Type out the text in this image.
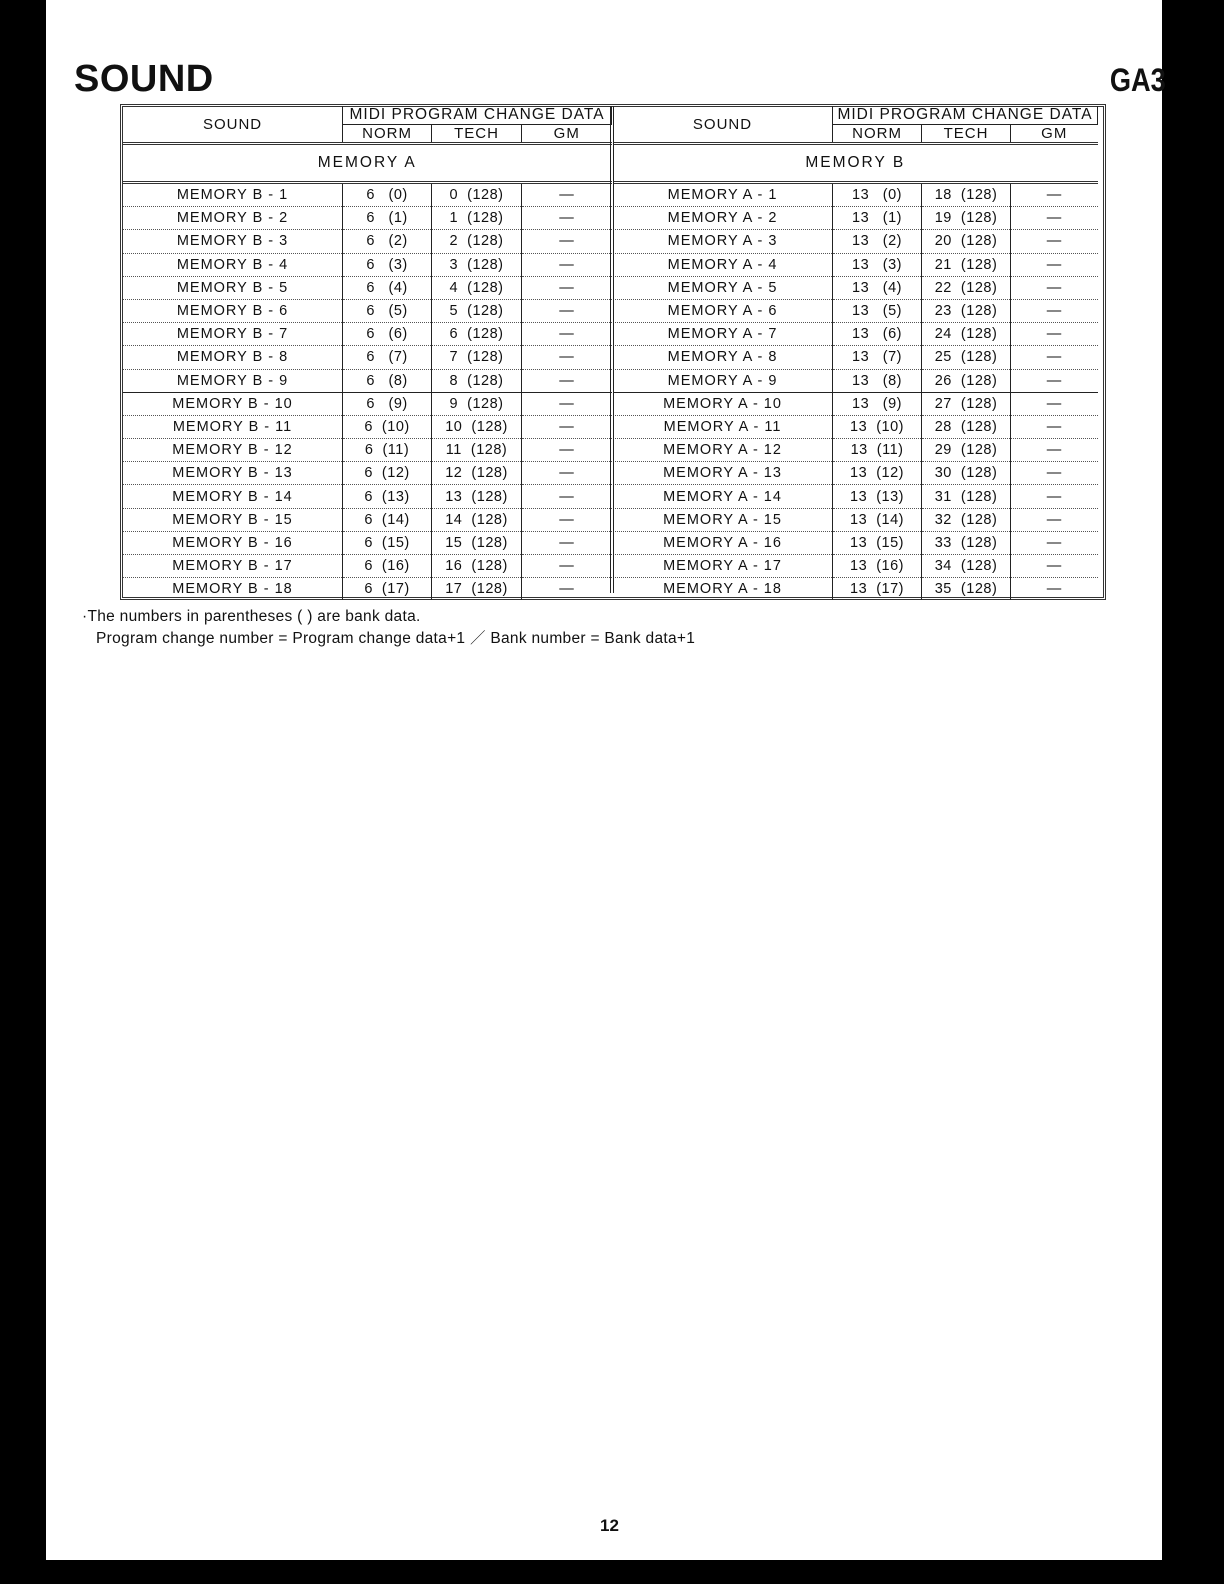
SOUND	GA3
SOUND	MIDI PROGRAM CHANGE DATA		
	NORM	TECH	GM
MEMORY A			
MEMORY B - 1	6   (0)	0  (128)	—
MEMORY B - 2	6   (1)	1  (128)	—
MEMORY B - 3	6   (2)	2  (128)	—
MEMORY B - 4	6   (3)	3  (128)	—
MEMORY B - 5	6   (4)	4  (128)	—
MEMORY B - 6	6   (5)	5  (128)	—
MEMORY B - 7	6   (6)	6  (128)	—
MEMORY B - 8	6   (7)	7  (128)	—
MEMORY B - 9	6   (8)	8  (128)	—
MEMORY B - 10	6   (9)	9  (128)	—
MEMORY B - 11	6  (10)	10  (128)	—
MEMORY B - 12	6  (11)	11  (128)	—
MEMORY B - 13	6  (12)	12  (128)	—
MEMORY B - 14	6  (13)	13  (128)	—
MEMORY B - 15	6  (14)	14  (128)	—
MEMORY B - 16	6  (15)	15  (128)	—
MEMORY B - 17	6  (16)	16  (128)	—
MEMORY B - 18	6  (17)	17  (128)	—
SOUND	MIDI PROGRAM CHANGE DATA		
	NORM	TECH	GM
MEMORY B			
MEMORY A - 1	13   (0)	18  (128)	—
MEMORY A - 2	13   (1)	19  (128)	—
MEMORY A - 3	13   (2)	20  (128)	—
MEMORY A - 4	13   (3)	21  (128)	—
MEMORY A - 5	13   (4)	22  (128)	—
MEMORY A - 6	13   (5)	23  (128)	—
MEMORY A - 7	13   (6)	24  (128)	—
MEMORY A - 8	13   (7)	25  (128)	—
MEMORY A - 9	13   (8)	26  (128)	—
MEMORY A - 10	13   (9)	27  (128)	—
MEMORY A - 11	13  (10)	28  (128)	—
MEMORY A - 12	13  (11)	29  (128)	—
MEMORY A - 13	13  (12)	30  (128)	—
MEMORY A - 14	13  (13)	31  (128)	—
MEMORY A - 15	13  (14)	32  (128)	—
MEMORY A - 16	13  (15)	33  (128)	—
MEMORY A - 17	13  (16)	34  (128)	—
MEMORY A - 18	13  (17)	35  (128)	—
·The numbers in parentheses ( ) are bank data.
Program change number = Program change data+1 ／ Bank number = Bank data+1
12
